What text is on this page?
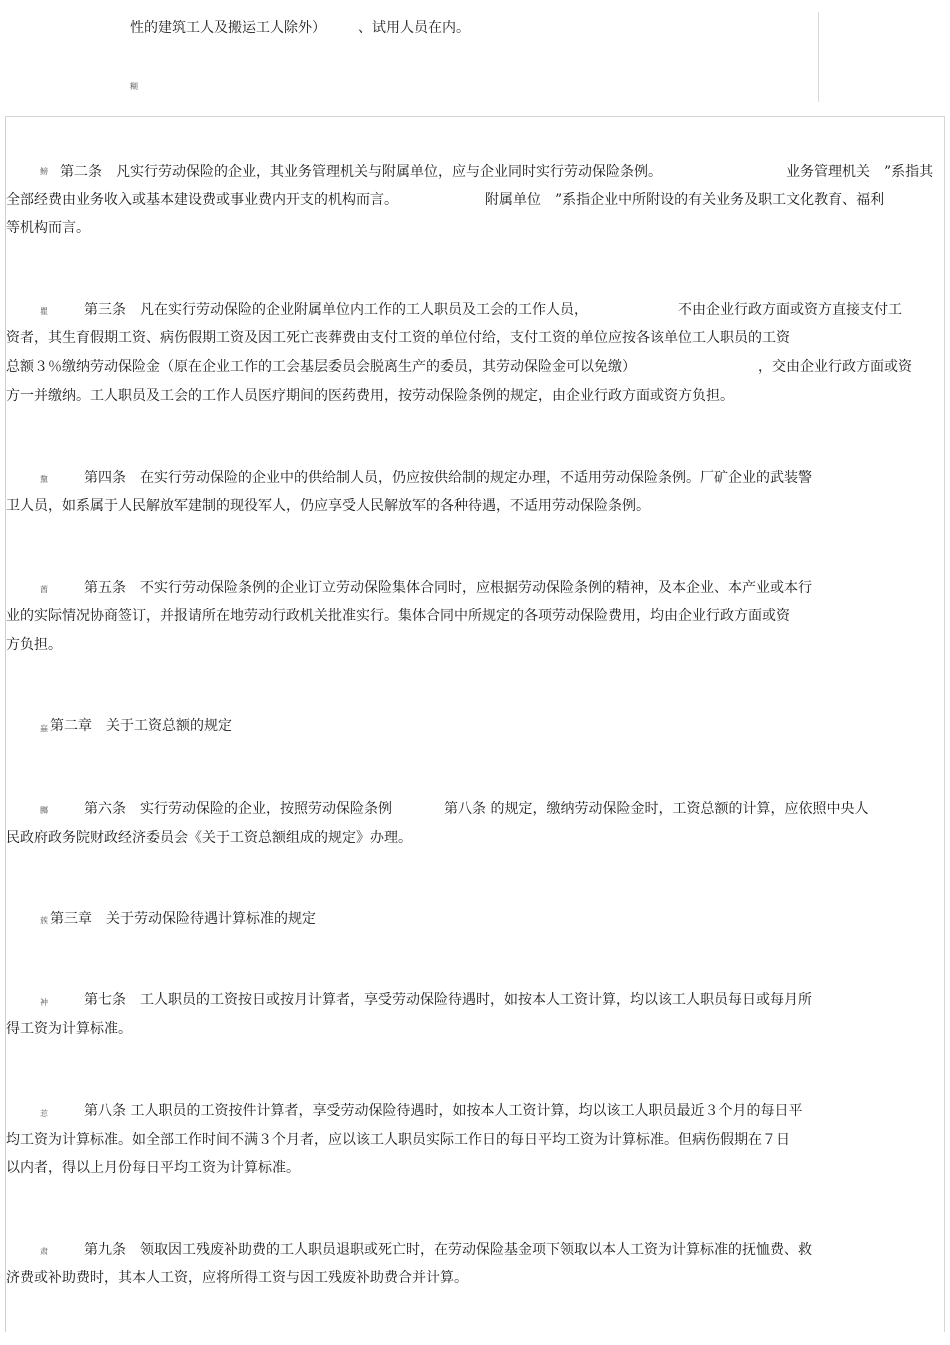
性的建筑工人及搬运工人除外） 、试用人员在内。
糊
鳑 第二条　凡实行劳动保险的企业，其业务管理机关与附属单位，应与企业同时实行劳动保险条例。	业务管理机关　”系指其
全部经费由业务收入或基本建设费或事业费内开支的机构而言。	附属单位　”系指企业中所附设的有关业务及职工文化教育、福利
等机构而言。
瞿	第三条　凡在实行劳动保险的企业附属单位内工作的工人职员及工会的工作人员，	不由企业行政方面或资方直接支付工
资者，其生育假期工资、病伤假期工资及因工死亡丧葬费由支付工资的单位付给，支付工资的单位应按各该单位工人职员的工资
总额３％缴纳劳动保险金（原在企业工作的工会基层委员会脱离生产的委员，其劳动保险金可以免缴）	，交由企业行政方面或资
方一并缴纳。工人职员及工会的工作人员医疗期间的医药费用，按劳动保险条例的规定，由企业行政方面或资方负担。
黧	第四条　在实行劳动保险的企业中的供给制人员，仍应按供给制的规定办理，不适用劳动保险条例。厂矿企业的武装警
卫人员，如系属于人民解放军建制的现役军人，仍应享受人民解放军的各种待遇，不适用劳动保险条例。
莤	第五条　不实行劳动保险条例的企业订立劳动保险集体合同时，应根据劳动保险条例的精神，及本企业、本产业或本行
业的实际情况协商签订，并报请所在地劳动行政机关批准实行。集体合同中所规定的各项劳动保险费用，均由企业行政方面或资
方负担。
蝱 第二章　关于工资总额的规定
膷	第六条　实行劳动保险的企业，按照劳动保险条例	第八条 的规定，缴纳劳动保险金时，工资总额的计算，应依照中央人
民政府政务院财政经济委员会《关于工资总额组成的规定》办理。
蔟 第三章　关于劳动保险待遇计算标准的规定
衶	第七条　工人职员的工资按日或按月计算者，享受劳动保险待遇时，如按本人工资计算，均以该工人职员每日或每月所
得工资为计算标准。
莣	第八条 工人职员的工资按件计算者，享受劳动保险待遇时，如按本人工资计算，均以该工人职员最近３个月的每日平
均工资为计算标准。如全部工作时间不满３个月者，应以该工人职员实际工作日的每日平均工资为计算标准。但病伤假期在７日
以内者，得以上月份每日平均工资为计算标准。
肃	第九条　领取因工残废补助费的工人职员退职或死亡时，在劳动保险基金项下领取以本人工资为计算标准的抚恤费、救
济费或补助费时，其本人工资，应将所得工资与因工残废补助费合并计算。
